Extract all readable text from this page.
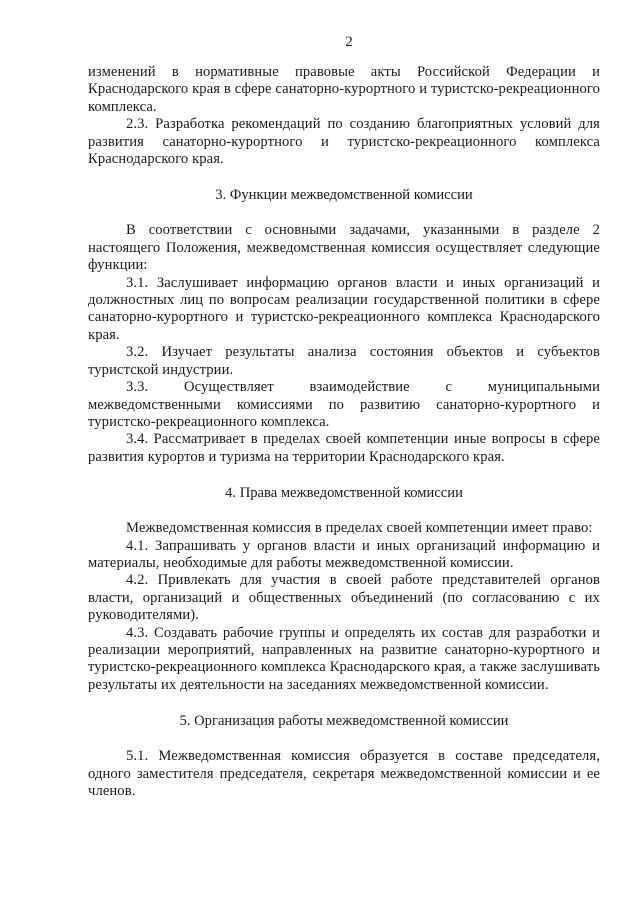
2

изменений в нормативные правовые акты Российской Федерации и Краснодарского края в сфере санаторно-курортного и туристско-рекреационного комплекса.

2.3. Разработка рекомендаций по созданию благоприятных условий для развития санаторно-курортного и туристско-рекреационного комплекса Краснодарского края.

3. Функции межведомственной комиссии

В соответствии с основными задачами, указанными в разделе 2 настоящего Положения, межведомственная комиссия осуществляет следующие функции:

3.1. Заслушивает информацию органов власти и иных организаций и должностных лиц по вопросам реализации государственной политики в сфере санаторно-курортного и туристско-рекреационного комплекса Краснодарского края.

3.2. Изучает результаты анализа состояния объектов и субъектов туристской индустрии.

3.3. Осуществляет взаимодействие с муниципальными межведомственными комиссиями по развитию санаторно-курортного и туристско-рекреационного комплекса.

3.4. Рассматривает в пределах своей компетенции иные вопросы в сфере развития курортов и туризма на территории Краснодарского края.

4. Права межведомственной комиссии

Межведомственная комиссия в пределах своей компетенции имеет право:

4.1. Запрашивать у органов власти и иных организаций информацию и материалы, необходимые для работы межведомственной комиссии.

4.2. Привлекать для участия в своей работе представителей органов власти, организаций и общественных объединений (по согласованию с их руководителями).

4.3. Создавать рабочие группы и определять их состав для разработки и реализации мероприятий, направленных на развитие санаторно-курортного и туристско-рекреационного комплекса Краснодарского края, а также заслушивать результаты их деятельности на заседаниях межведомственной комиссии.

5. Организация работы межведомственной комиссии

5.1. Межведомственная комиссия образуется в составе председателя, одного заместителя председателя, секретаря межведомственной комиссии и ее членов.
